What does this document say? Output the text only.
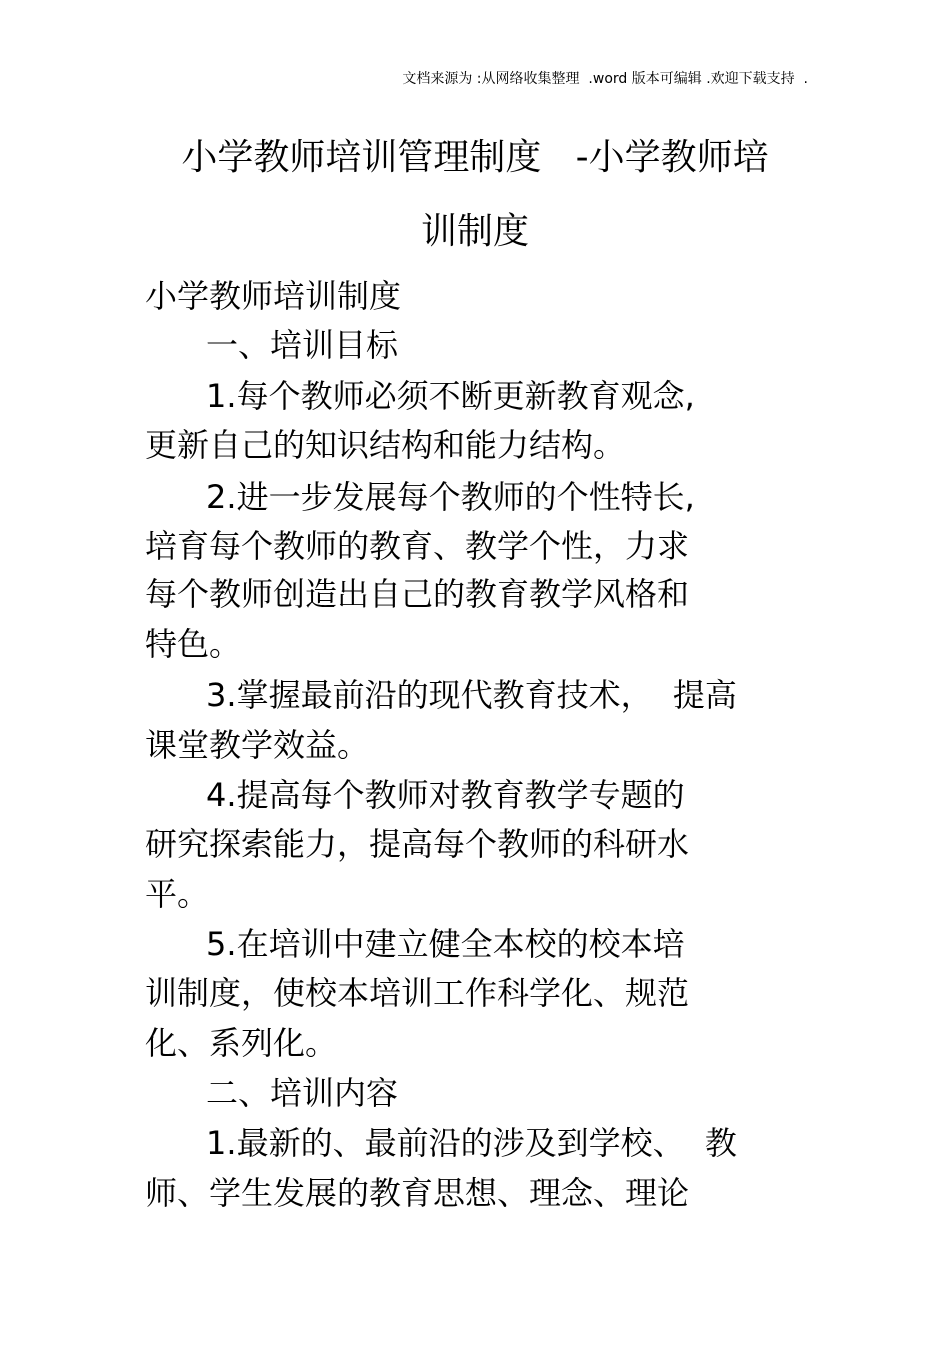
文档来源为 :从网络收集整理  .word 版本可编辑 .欢迎下载支持  .
小学教师培训管理制度   -小学教师培
训制度
小学教师培训制度
一、培训目标
1.每个教师必须不断更新教育观念,
更新自己的知识结构和能力结构。
2.进一步发展每个教师的个性特长,
培育每个教师的教育、教学个性，力求
每个教师创造出自己的教育教学风格和
特色。
3.掌握最前沿的现代教育技术，  提高
课堂教学效益。
4.提高每个教师对教育教学专题的
研究探索能力，提高每个教师的科研水
平。
5.在培训中建立健全本校的校本培
训制度，使校本培训工作科学化、规范
化、系列化。
二、培训内容
1.最新的、最前沿的涉及到学校、  教
师、学生发展的教育思想、理念、理论
